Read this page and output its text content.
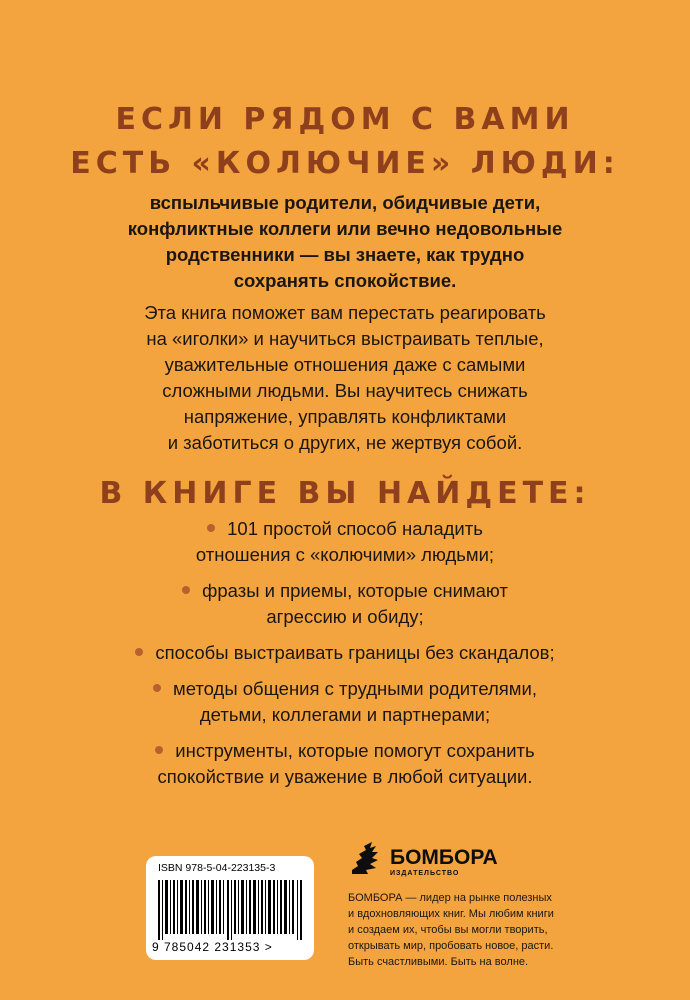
ЕСЛИ РЯДОМ С ВАМИ
ЕСТЬ «КОЛЮЧИЕ» ЛЮДИ:
вспыльчивые родители, обидчивые дети,
конфликтные коллеги или вечно недовольные
родственники — вы знаете, как трудно
сохранять спокойствие.
Эта книга поможет вам перестать реагировать
на «иголки» и научиться выстраивать теплые,
уважительные отношения даже с самыми
сложными людьми. Вы научитесь снижать
напряжение, управлять конфликтами
и заботиться о других, не жертвуя собой.
В КНИГЕ ВЫ НАЙДЕТЕ:
101 простой способ наладить
отношения с «колючими» людьми;
фразы и приемы, которые снимают
агрессию и обиду;
способы выстраивать границы без скандалов;
методы общения с трудными родителями,
детьми, коллегами и партнерами;
инструменты, которые помогут сохранить
спокойствие и уважение в любой ситуации.
ISBN 978-5-04-223135-3
9 785042 231353 >
БОМБОРА
ИЗДАТЕЛЬСТВО
БОМБОРА — лидер на рынке полезных
и вдохновляющих книг. Мы любим книги
и создаем их, чтобы вы могли творить,
открывать мир, пробовать новое, расти.
Быть счастливыми. Быть на волне.
